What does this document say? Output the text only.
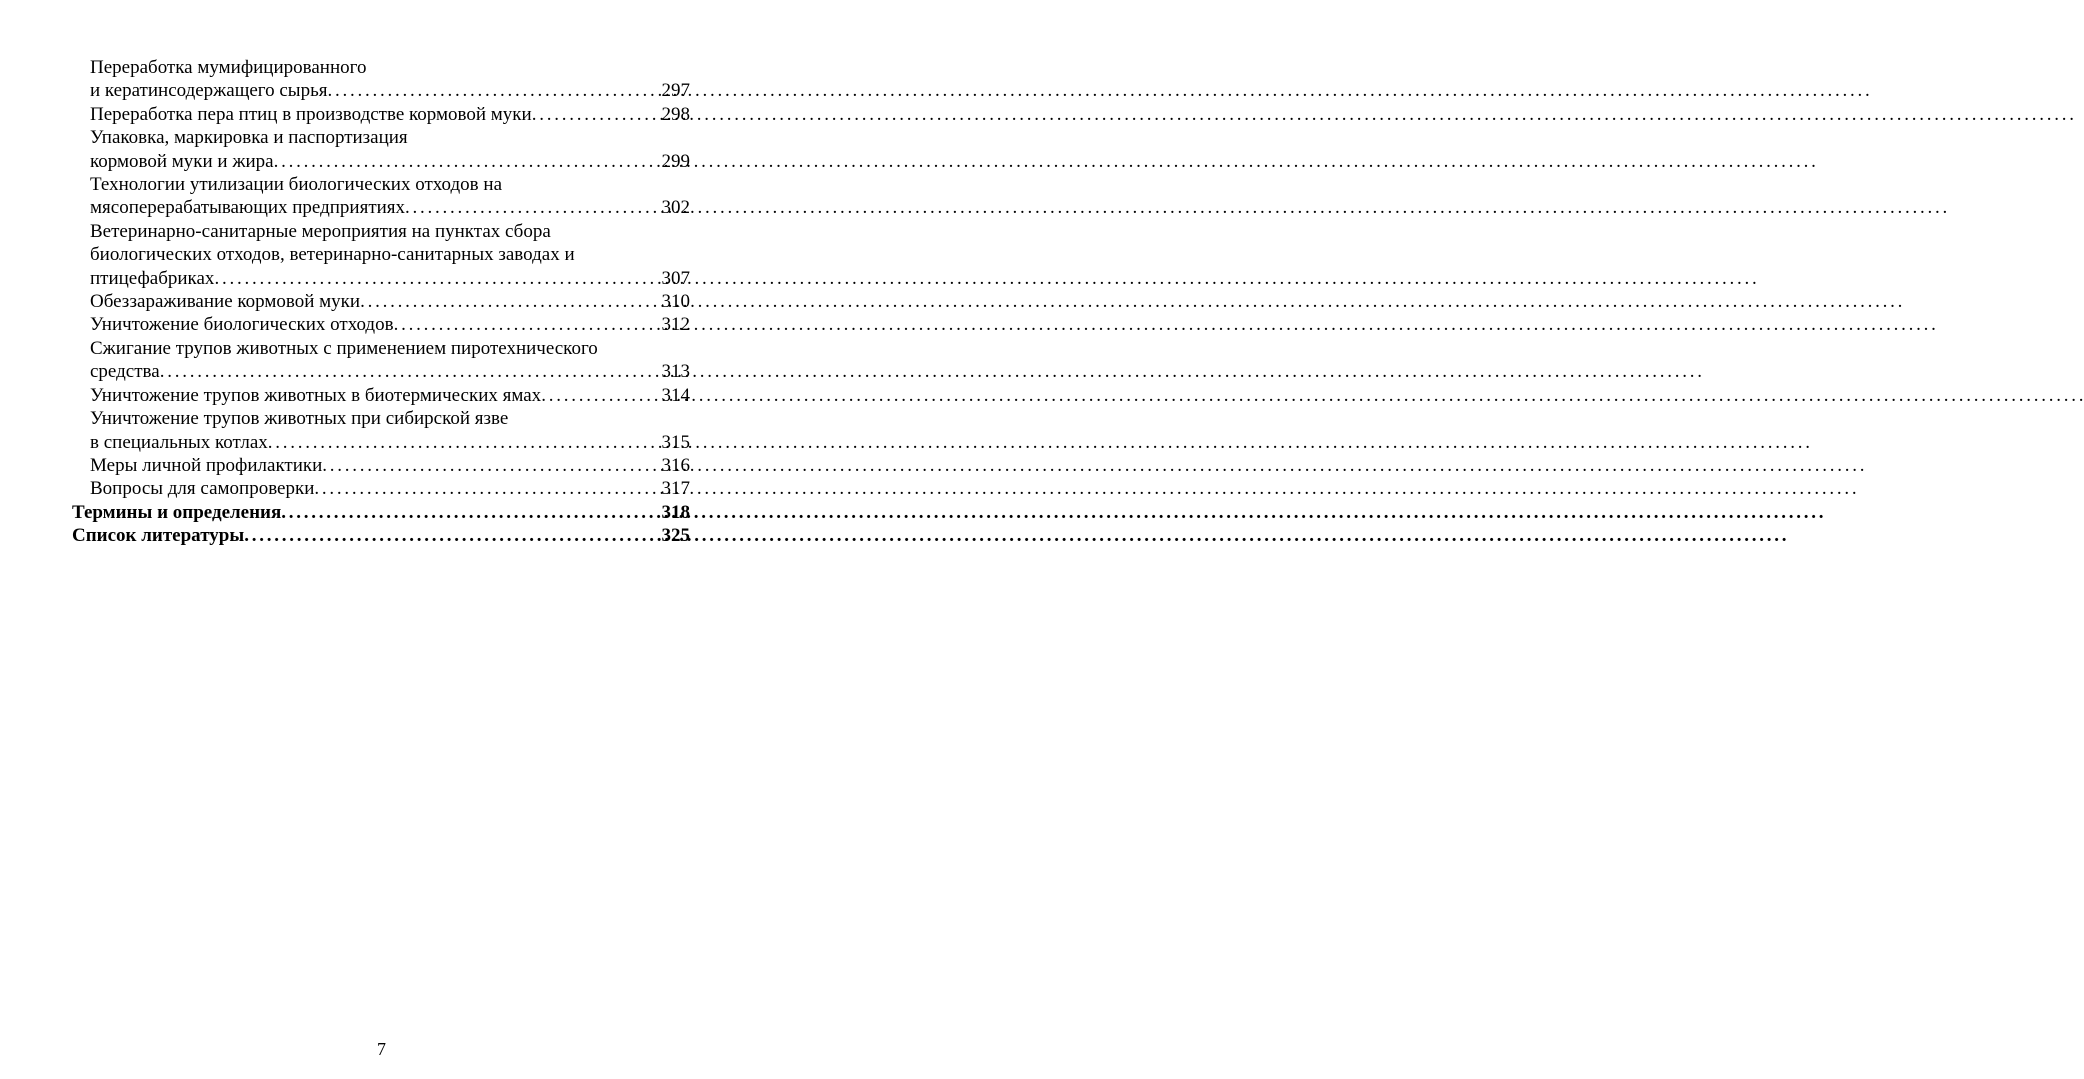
Переработка мумифицированного
и кератинсодержащего сырья . . .	297
Переработка пера птиц в производстве кормовой муки . . .	298
Упаковка, маркировка и паспортизация
кормовой муки и жира . . .	299
Технологии утилизации биологических отходов на
мясоперерабатывающих предприятиях . . .	302
Ветеринарно-санитарные мероприятия на пунктах сбора
биологических отходов, ветеринарно-санитарных заводах и
птицефабриках . . .	307
Обеззараживание кормовой муки . . .	310
Уничтожение биологических отходов . . .	312
Сжигание трупов животных с применением пиротехнического
средства . . .	313
Уничтожение трупов животных в биотермических ямах . . .	314
Уничтожение трупов животных при сибирской язве
в специальных котлах . . .	315
Меры личной профилактики . . .	316
Вопросы для самопроверки . . .	317
Термины и определения . . .	318
Список литературы . . .	325
7
